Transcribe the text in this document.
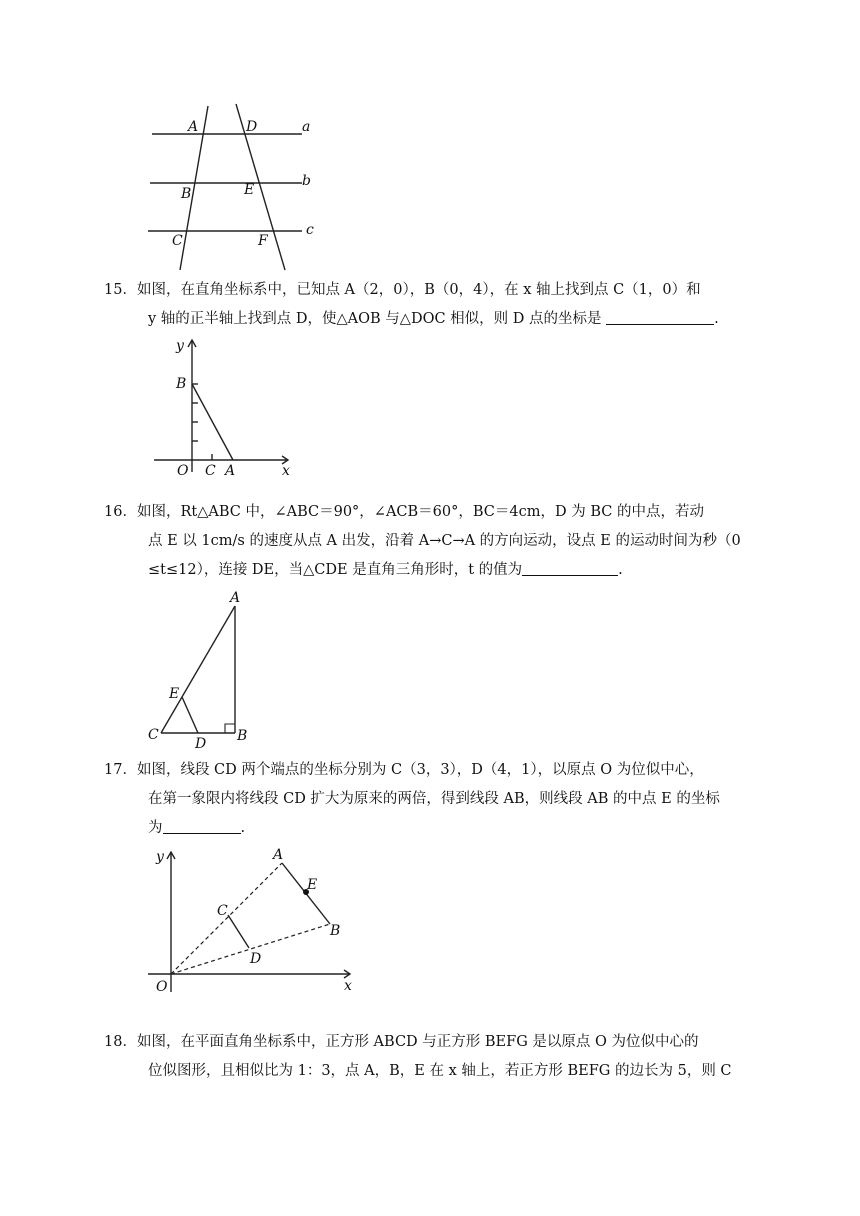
A	D	a
B	E
b
C	F
c
15．如图，在直角坐标系中，已知点 A（2，0），B（0，4），在 x 轴上找到点 C（1，0）和
y 轴的正半轴上找到点 D，使△AOB 与△DOC 相似，则 D 点的坐标是	.
y
B
O C A	x
16．如图，Rt△ABC 中，∠ABC＝90°，∠ACB＝60°，BC＝4cm，D 为 BC 的中点，若动
点 E 以 1cm/s 的速度从点 A 出发，沿着 A→C→A 的方向运动，设点 E 的运动时间为秒（0
≤t≤12），连接 DE，当△CDE 是直角三角形时，t 的值为	.
A
E
C
D B
17．如图，线段 CD 两个端点的坐标分别为 C（3，3），D（4，1），以原点 O 为位似中心，
在第一象限内将线段 CD 扩大为原来的两倍，得到线段 AB，则线段 AB 的中点 E 的坐标
为	.
y	A
E
C
B
D
O	x
18．如图，在平面直角坐标系中，正方形 ABCD 与正方形 BEFG 是以原点 O 为位似中心的
位似图形，且相似比为 1：3，点 A，B，E 在 x 轴上，若正方形 BEFG 的边长为 5，则 C
